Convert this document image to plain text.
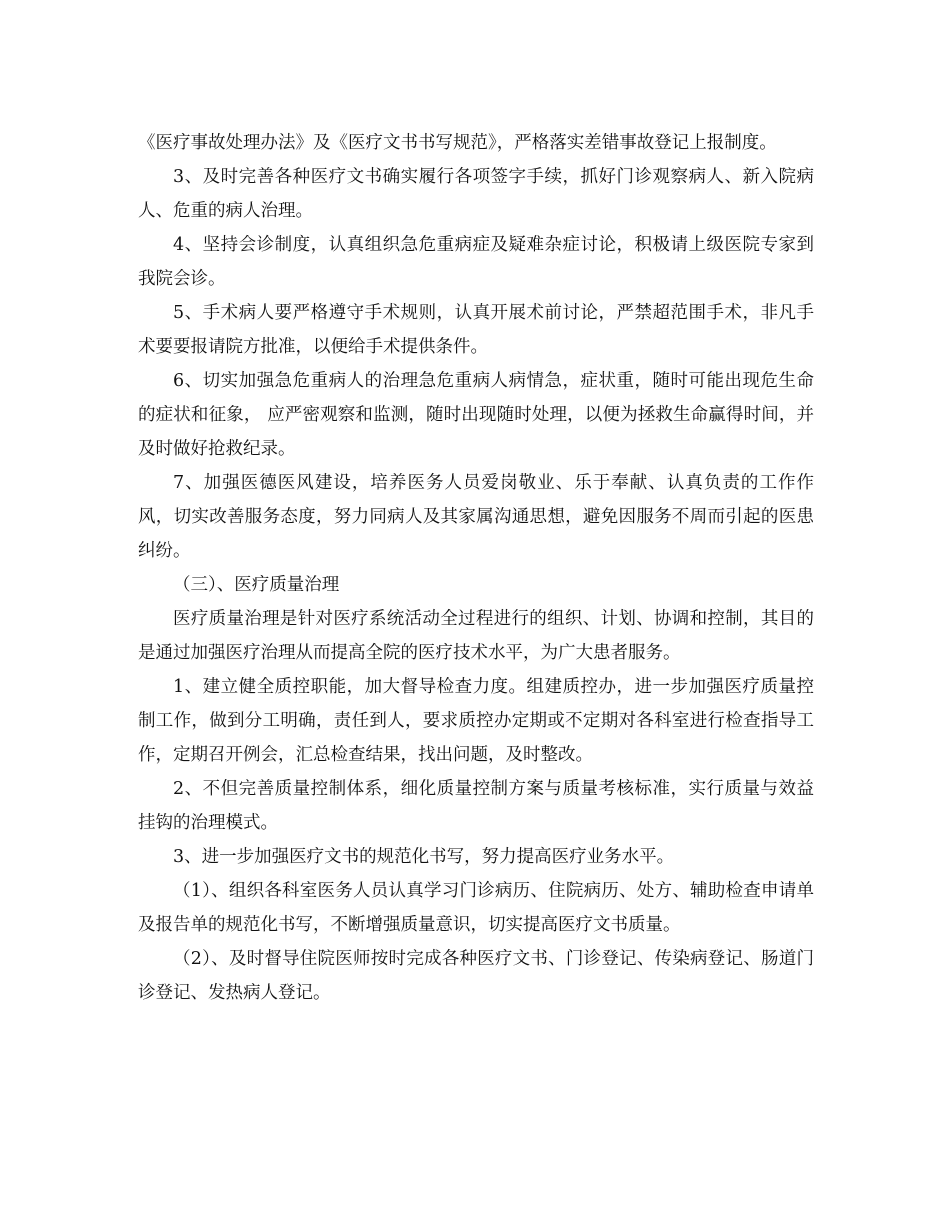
《医疗事故处理办法》及《医疗文书书写规范》，严格落实差错事故登记上报制度。

3、及时完善各种医疗文书确实履行各项签字手续，抓好门诊观察病人、新入院病人、危重的病人治理。

4、坚持会诊制度，认真组织急危重病症及疑难杂症讨论，积极请上级医院专家到我院会诊。

5、手术病人要严格遵守手术规则，认真开展术前讨论，严禁超范围手术，非凡手术要要报请院方批准，以便给手术提供条件。

6、切实加强急危重病人的治理急危重病人病情急，症状重，随时可能出现危生命的症状和征象， 应严密观察和监测，随时出现随时处理，以便为拯救生命赢得时间，并及时做好抢救纪录。

7、加强医德医风建设，培养医务人员爱岗敬业、乐于奉献、认真负责的工作作风，切实改善服务态度，努力同病人及其家属沟通思想，避免因服务不周而引起的医患纠纷。

（三）、医疗质量治理

医疗质量治理是针对医疗系统活动全过程进行的组织、计划、协调和控制，其目的是通过加强医疗治理从而提高全院的医疗技术水平，为广大患者服务。

1、建立健全质控职能，加大督导检查力度。组建质控办，进一步加强医疗质量控制工作，做到分工明确，责任到人，要求质控办定期或不定期对各科室进行检查指导工作，定期召开例会，汇总检查结果，找出问题，及时整改。

2、不但完善质量控制体系，细化质量控制方案与质量考核标准，实行质量与效益挂钩的治理模式。

3、进一步加强医疗文书的规范化书写，努力提高医疗业务水平。

（1）、组织各科室医务人员认真学习门诊病历、住院病历、处方、辅助检查申请单及报告单的规范化书写，不断增强质量意识，切实提高医疗文书质量。

（2）、及时督导住院医师按时完成各种医疗文书、门诊登记、传染病登记、肠道门诊登记、发热病人登记。
